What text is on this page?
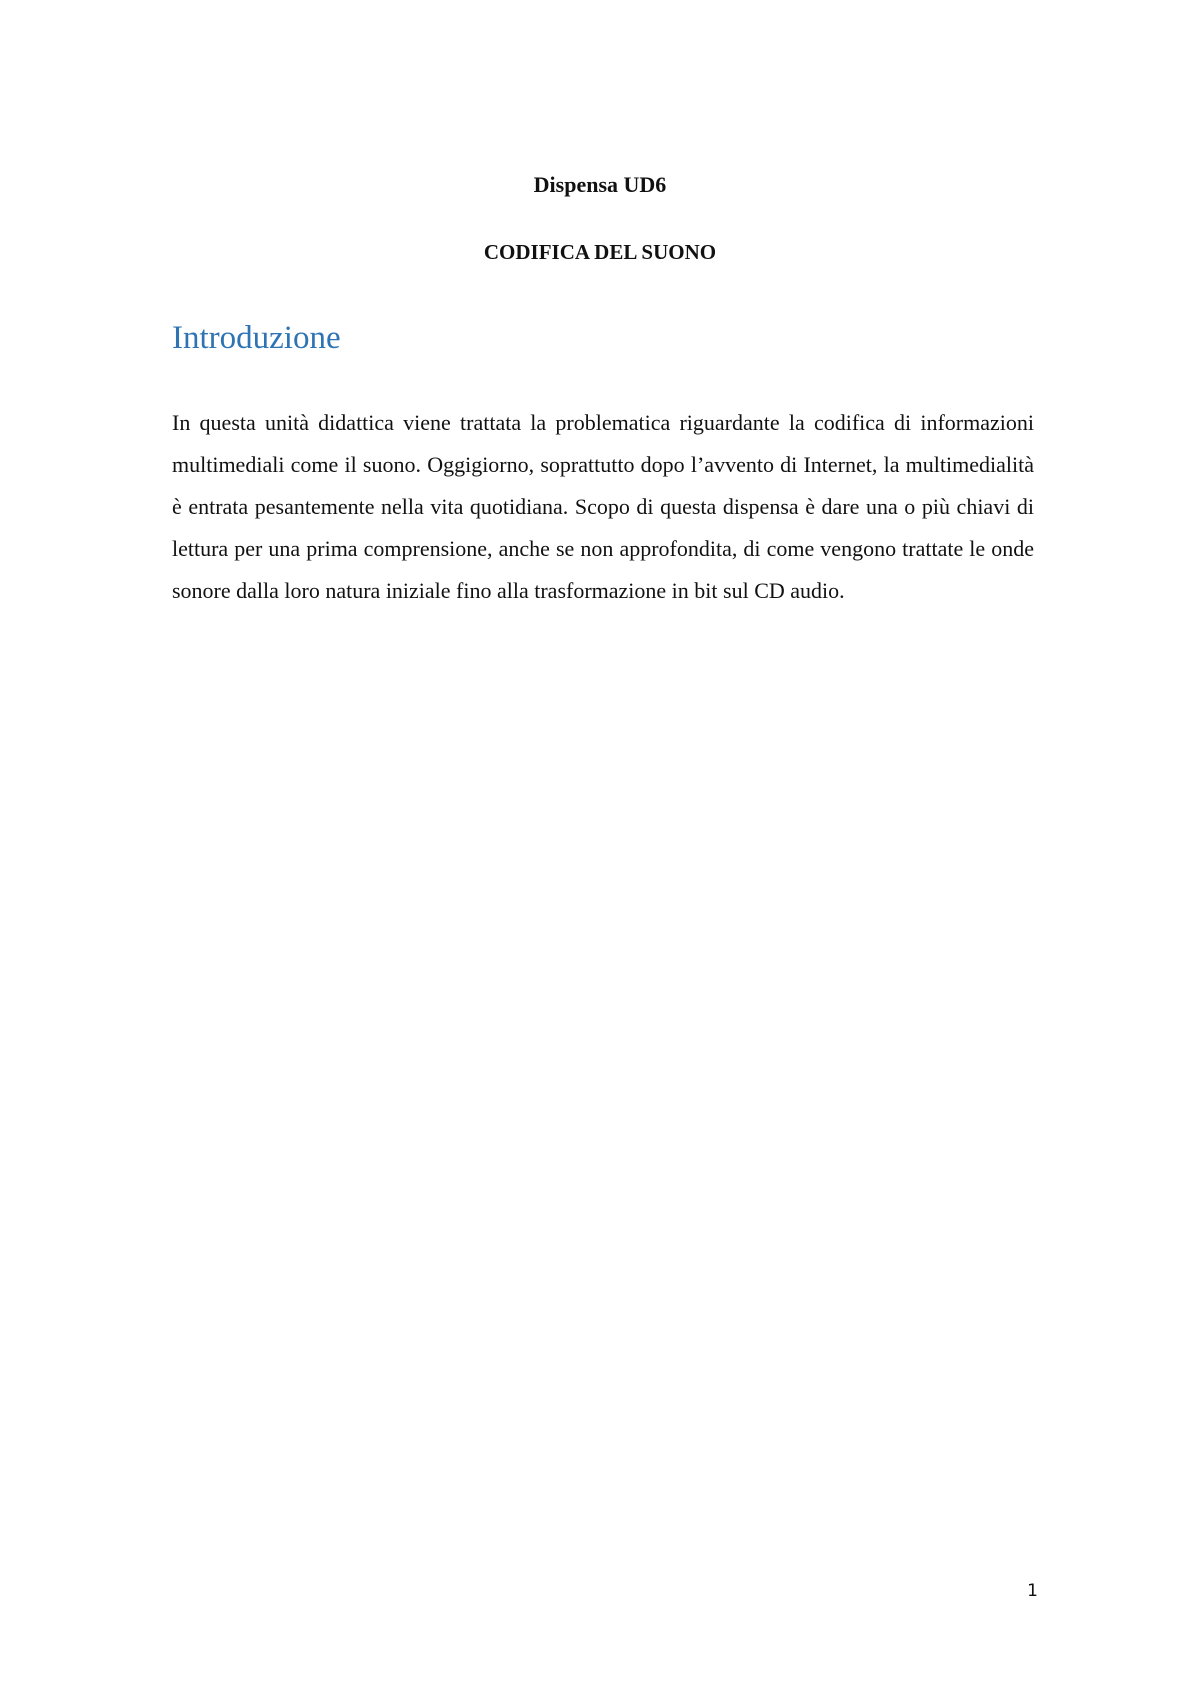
Dispensa UD6
CODIFICA DEL SUONO
Introduzione

In questa unità didattica viene trattata la problematica riguardante la codifica di informazioni multimediali come il suono. Oggigiorno, soprattutto dopo l’avvento di Internet, la multimedialità è entrata pesantemente nella vita quotidiana. Scopo di questa dispensa è dare una o più chiavi di lettura per una prima comprensione, anche se non approfondita, di come vengono trattate le onde sonore dalla loro natura iniziale fino alla trasformazione in bit sul CD audio.

1
